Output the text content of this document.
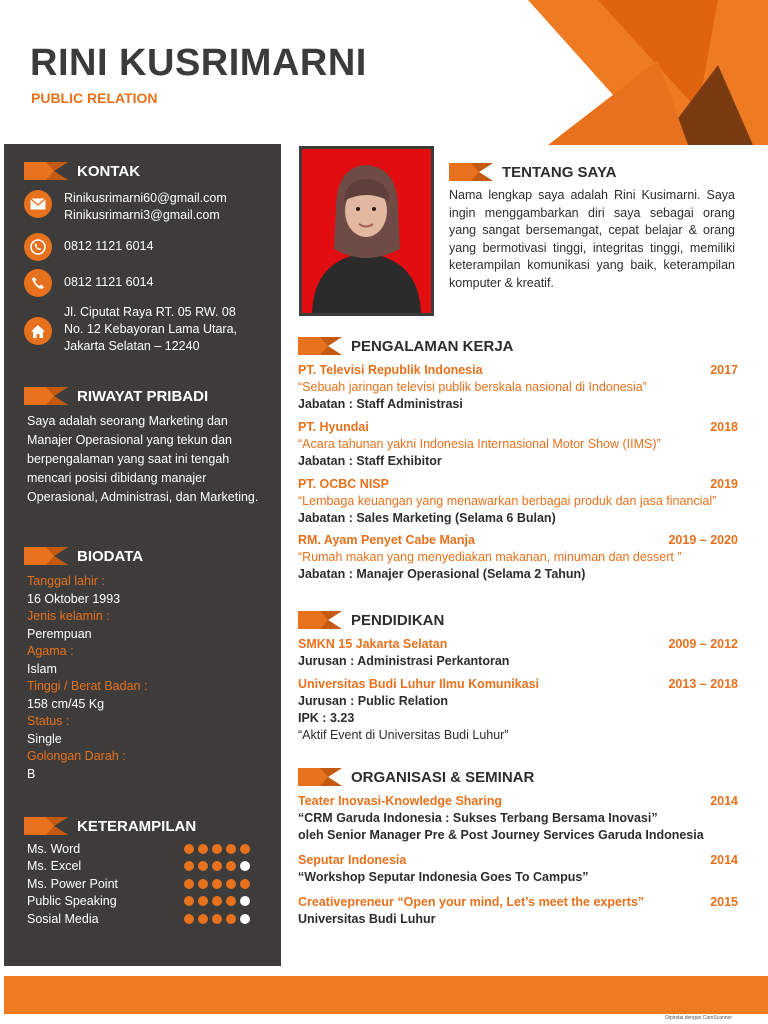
RINI KUSRIMARNI
PUBLIC RELATION
KONTAK
Rinikusrimarni60@gmail.com
Rinikusrimarni3@gmail.com
0812 1121 6014
0812 1121 6014
Jl. Ciputat Raya RT. 05 RW. 08
No. 12 Kebayoran Lama Utara,
Jakarta Selatan – 12240
RIWAYAT PRIBADI
Saya adalah seorang Marketing dan Manajer Operasional yang tekun dan berpengalaman yang saat ini tengah mencari posisi dibidang manajer Operasional, Administrasi, dan Marketing.
BIODATA
Tanggal lahir :
16 Oktober 1993
Jenis kelamin :
Perempuan
Agama :
Islam
Tinggi / Berat Badan :
158 cm/45 Kg
Status :
Single
Golongan Darah :
B
KETERAMPILAN
Ms. Word
Ms. Excel
Ms. Power Point
Public Speaking
Sosial Media
TENTANG SAYA
Nama lengkap saya adalah Rini Kusimarni. Saya ingin menggambarkan diri saya sebagai orang yang sangat bersemangat, cepat belajar & orang yang bermotivasi tinggi, integritas tinggi, memiliki keterampilan komunikasi yang baik, keterampilan komputer & kreatif.
PENGALAMAN KERJA
PT. Televisi Republik Indonesia	2017
“Sebuah jaringan televisi publik berskala nasional di Indonesia”
Jabatan : Staff Administrasi
PT. Hyundai	2018
“Acara tahunan yakni Indonesia Internasional Motor Show (IIMS)”
Jabatan : Staff Exhibitor
PT. OCBC NISP	2019
“Lembaga keuangan yang menawarkan berbagai produk dan jasa financial”
Jabatan : Sales Marketing (Selama 6 Bulan)
RM. Ayam Penyet Cabe Manja	2019 – 2020
“Rumah makan yang menyediakan makanan, minuman dan dessert ”
Jabatan : Manajer Operasional (Selama 2 Tahun)
PENDIDIKAN
SMKN 15 Jakarta Selatan	2009 – 2012
Jurusan : Administrasi Perkantoran
Universitas Budi Luhur Ilmu Komunikasi	2013 – 2018
Jurusan : Public Relation
IPK : 3.23
“Aktif Event di Universitas Budi Luhur”
ORGANISASI & SEMINAR
Teater Inovasi-Knowledge Sharing	2014
“CRM Garuda Indonesia : Sukses Terbang Bersama Inovasi”
oleh Senior Manager Pre & Post Journey Services Garuda Indonesia
Seputar Indonesia	2014
“Workshop Seputar Indonesia Goes To Campus”
Creativepreneur “Open your mind, Let’s meet the experts”	2015
Universitas Budi Luhur
Dipindai dengan CamScanner
